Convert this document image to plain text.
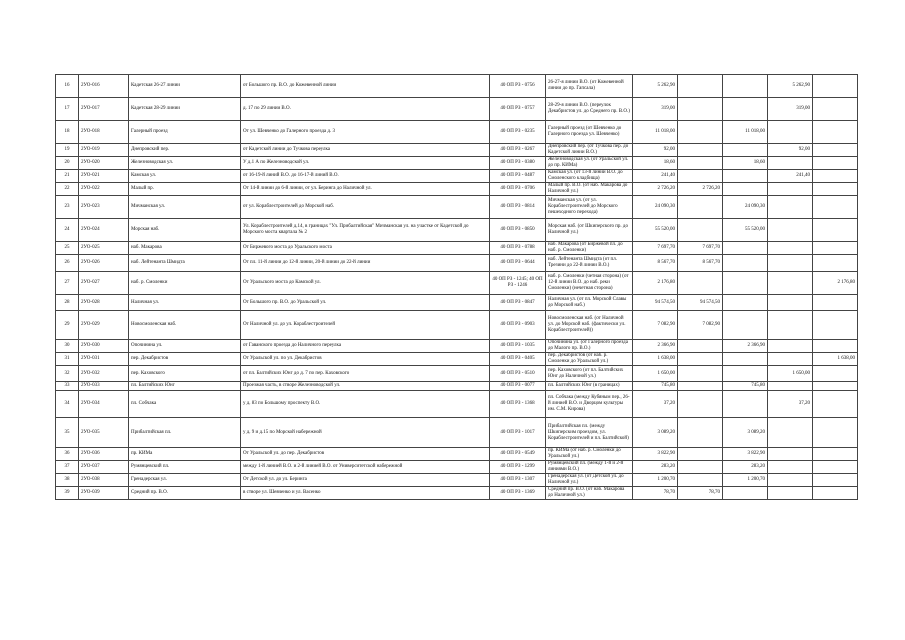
16	2УО-016	Кадетская 26-27 линии	от Большого пр. В.О. до Кожевенной линии	40 ОП РЗ - 0756	26-27-я линии В.О. (от Кожевенной линии до пр. Гапсала)	5 262,90			5 262,90	
17	2УО-017	Кадетская 28-29 линии	д. 17 по 29 линии В.О.	40 ОП РЗ - 0757	28-29-я линии В.О. (переулок Декабристов ул. до Среднего пр. В.О.)	319,00			319,00	
18	2УО-018	Галерный проезд	От ул. Шевченко до Галерного проезда д. 3	40 ОП РЗ - 0235	Галерный проезд (от Шевченко до Галерного проезда ул. Шевченко)	11 018,00		11 018,00		
19	2УО-019	Днепровский пер.	от Кадетской линии до Тучкова переулка	40 ОП РЗ - 0267	Днепровский пер. (от Тучкова пер. до Кадетской линии В.О.)	92,00			92,00	
20	2УО-020	Железноводская ул.	У д.1 А по Железноводской ул.	40 ОП РЗ - 0380	Железноводская ул. (от Уральской ул. до пр. КИМа)	18,60		18,60		
21	2УО-021	Камская ул.	от 16-19-й линий В.О. до 16-17-й линий В.О.	40 ОП РЗ - 0487	Камская ул. (от 13-й линии В.О. до Смоленского кладбища)	241,40			241,40	
22	2УО-022	Малый пр.	От 14-й линии до 6-й линии, от ул. Беринга до Наличной ул.	40 ОП РЗ - 0706	Малый пр. В.О. (от наб. Макарова до Наличной ул.)	2 726,20	2 726,20			
23	2УО-023	Мичманская ул.	от ул. Кораблестроителей до Морской наб.	40 ОП РЗ - 0814	Мичманская ул. (от ул. Кораблестроителей до Морского пешеходного перехода)	24 090,30		24 090,30		
24	2УО-024	Морская наб.	Ул. Кораблестроителей д.14, в границах "Ул. Прибалтийская" Мичманская ул. на участке от Кадетской до Морского моста квартала № 2	40 ОП РЗ - 0850	Морская наб. (от Шкиперского пр. до Наличной ул.)	55 520,00		55 520,00		
25	2УО-025	наб. Макарова	От Биржевого моста до Уральского моста	40 ОП РЗ - 0788	наб. Макарова (от Биржевой пл. до наб. р. Смоленки)	7 697,70	7 697,70			
26	2УО-026	наб. Лейтенанта Шмидта	От пл. 11-й линии до 12-й линии, 20-й линии до 22-й линии	40 ОП РЗ - 0644	наб. Лейтенанта Шмидта (от пл. Трезини до 22-й линии В.О.)	8 567,70	8 567,70			
27	2УО-027	наб. р. Смоленки	От Уральского моста до Камской ул.	40 ОП РЗ - 1245; 40 ОП РЗ - 1246	наб. р. Смоленки (четная сторона) (от 12-й линии В.О. до наб. реки Смоленки) (нечетная сторона)	2 176,80				2 176,80
28	2УО-028	Наличная ул.	От Большого пр. В.О. до Уральской ул.	40 ОП РЗ - 0847	Наличная ул. (от пл. Морской Славы до Морской наб.)	94 574,50	94 574,50			
29	2УО-029	Новосмоленская наб.	От Наличной ул. до ул. Кораблестроителей	40 ОП РЗ - 0903	Новосмоленская наб. (от Наличной ул. до Морской наб. (фактически ул. Кораблестроителей))	7 082,90	7 082,90			
30	2УО-030	Опочинина ул.	от Гаванского проезда до Наличного переулка	40 ОП РЗ - 1035	Опочинина ул. (от Галерного проезда до Малого пр. В.О.)	2 366,90		2 366,90		
31	2УО-031	пер. Декабристов	От Уральской ул. по ул. Декабристов	40 ОП РЗ - 0405	пер. Декабристов (от наб. р. Смоленки до Уральской ул.)	1 638,00				1 638,00
32	2УО-032	пер. Каховского	от пл. Балтийских Юнг до д. 7 по пер. Каховского	40 ОП РЗ - 0510	пер. Каховского (от пл. Балтийских Юнг до Наличной ул.)	1 650,00			1 650,00	
33	2УО-033	пл. Балтийских Юнг	Проезжая часть, в створе Железноводской ул.	40 ОП РЗ - 0077	пл. Балтийских Юнг (в границах)	745,80		745,80		
34	2УО-034	пл. Собчака	у д. 83 по Большому проспекту В.О.	40 ОП РЗ - 1368	пл. Собчака (между Кубяным пер., 26-й линией В.О. и Дворцом культуры им. С.М. Кирова)	37,20			37,20	
35	2УО-035	Прибалтийская пл.	у д. 9 и д.15 по Морской набережной	40 ОП РЗ - 1017	Прибалтийская пл. (между Шкиперским проездом, ул. Кораблестроителей и пл. Балтийской)	3 089,20		3 089,20		
36	2УО-036	пр. КИМа	От Уральской ул. до пер. Декабристов	40 ОП РЗ - 0549	пр. КИМа (от наб. р. Смоленки до Уральской ул.)	3 822,90		3 822,90		
37	2УО-037	Румянцевский пл.	между 1-й линией В.О. и 2-й линией В.О. от Университетской набережной	40 ОП РЗ - 1299	Румянцевский пл. (между 1-й и 2-й линиями В.О.)	283,20		283,20		
38	2УО-038	Гренадерская ул.	От Детской ул. до ул. Беринга	40 ОП РЗ - 1307	Гренадерская ул. (от Детской ул. до Наличной ул.)	1 200,70		1 200,70		
39	2УО-039	Средний пр. В.О.	в створе ул. Шевченко и ул. Васенко	40 ОП РЗ - 1369	Средний пр. В.О. (от наб. Макарова до Наличной ул.)	78,70	78,70			
